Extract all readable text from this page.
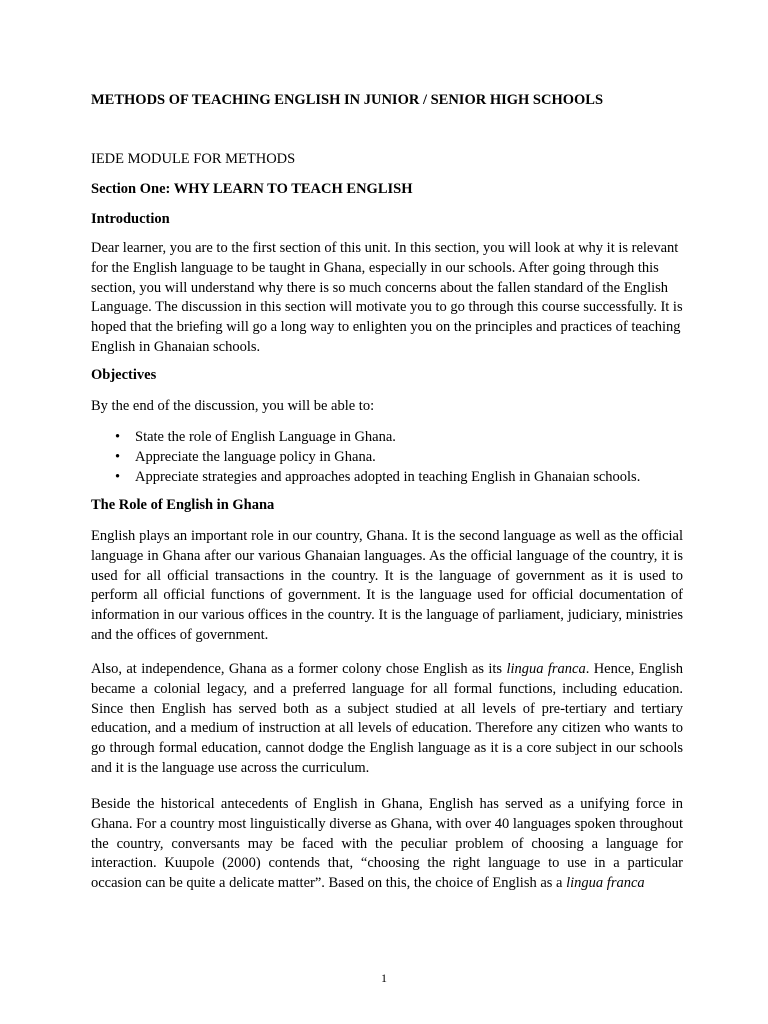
METHODS OF TEACHING ENGLISH IN JUNIOR / SENIOR HIGH SCHOOLS
IEDE MODULE FOR METHODS
Section One: WHY LEARN TO TEACH ENGLISH
Introduction
Dear learner, you are to the first section of this unit. In this section, you will look at why it is relevant for the English language to be taught in Ghana, especially in our schools. After going through this section, you will understand why there is so much concerns about the fallen standard of the English Language. The discussion in this section will motivate you to go through this course successfully. It is hoped that the briefing will go a long way to enlighten you on the principles and practices of teaching English in Ghanaian schools.
Objectives
By the end of the discussion, you will be able to:
• State the role of English Language in Ghana.
• Appreciate the language policy in Ghana.
• Appreciate strategies and approaches adopted in teaching English in Ghanaian schools.
The Role of English in Ghana
English plays an important role in our country, Ghana. It is the second language as well as the official language in Ghana after our various Ghanaian languages. As the official language of the country, it is used for all official transactions in the country. It is the language of government as it is used to perform all official functions of government. It is the language used for official documentation of information in our various offices in the country. It is the language of parliament, judiciary, ministries and the offices of government.
Also, at independence, Ghana as a former colony chose English as its lingua franca. Hence, English became a colonial legacy, and a preferred language for all formal functions, including education. Since then English has served both as a subject studied at all levels of pre-tertiary and tertiary education, and a medium of instruction at all levels of education. Therefore any citizen who wants to go through formal education, cannot dodge the English language as it is a core subject in our schools and it is the language use across the curriculum.
Beside the historical antecedents of English in Ghana, English has served as a unifying force in Ghana. For a country most linguistically diverse as Ghana, with over 40 languages spoken throughout the country, conversants may be faced with the peculiar problem of choosing a language for interaction. Kuupole (2000) contends that, “choosing the right language to use in a particular occasion can be quite a delicate matter”. Based on this, the choice of English as a lingua franca
1
